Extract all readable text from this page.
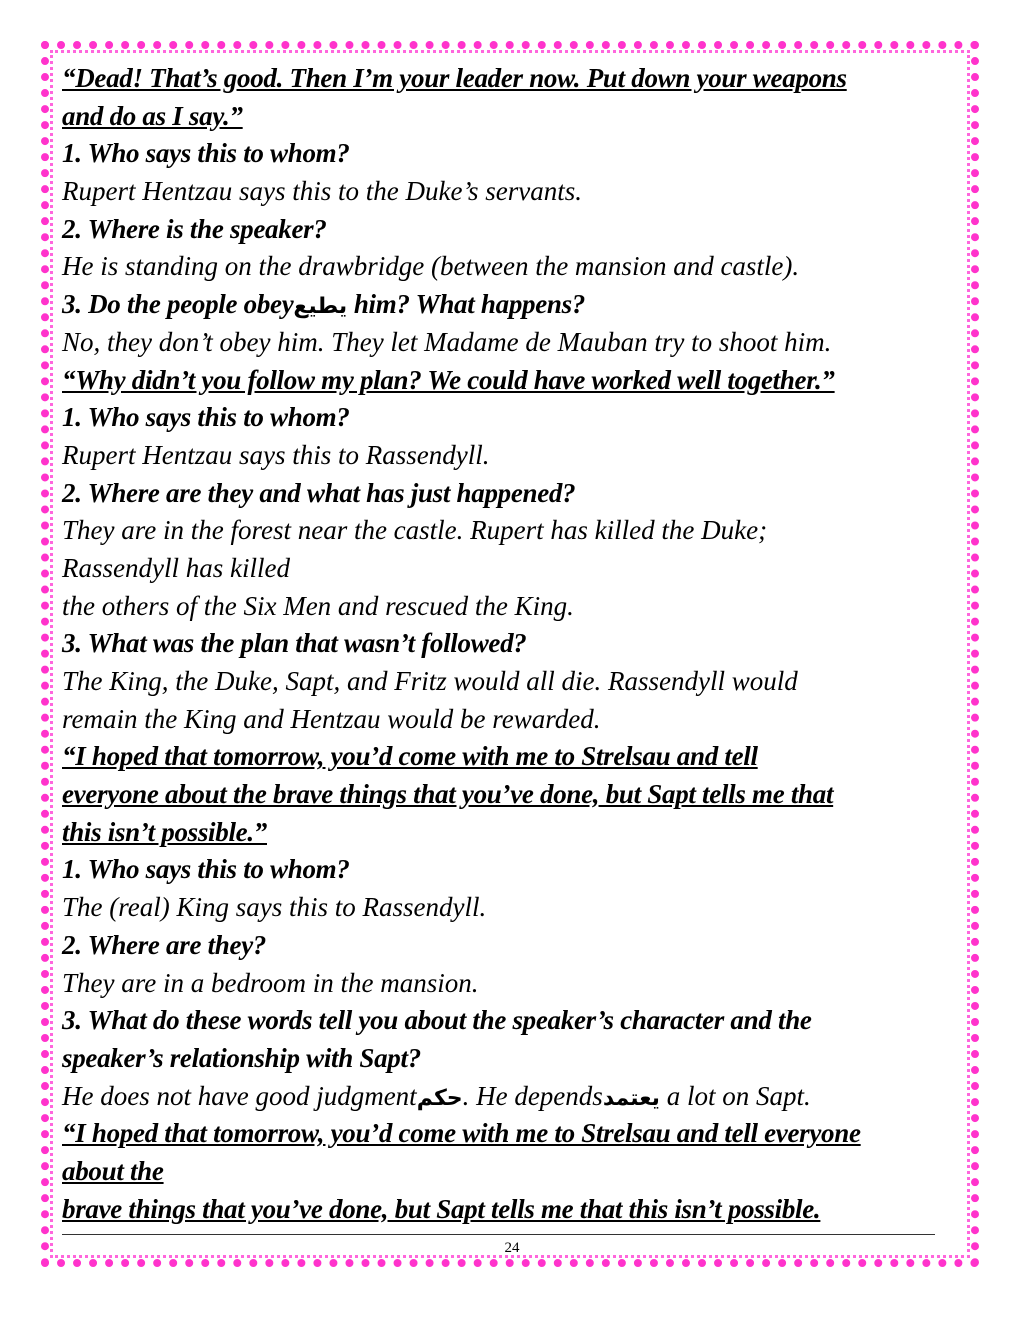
“Dead! That’s good. Then I’m your leader now. Put down your weapons

and do as I say.”

1. Who says this to whom?

Rupert Hentzau says this to the Duke’s servants.

2. Where is the speaker?

He is standing on the drawbridge (between the mansion and castle).

3. Do the people obeyيطيع him? What happens?

No, they don’t obey him. They let Madame de Mauban try to shoot him.

“Why didn’t you follow my plan? We could have worked well together.”

1. Who says this to whom?

Rupert Hentzau says this to Rassendyll.

2. Where are they and what has just happened?

They are in the forest near the castle. Rupert has killed the Duke;

Rassendyll has killed

the others of the Six Men and rescued the King.

3. What was the plan that wasn’t followed?

The King, the Duke, Sapt, and Fritz would all die. Rassendyll would

remain the King and Hentzau would be rewarded.

“I hoped that tomorrow, you’d come with me to Strelsau and tell

everyone about the brave things that you’ve done, but Sapt tells me that

this isn’t possible.”

1. Who says this to whom?

The (real) King says this to Rassendyll.

2. Where are they?

They are in a bedroom in the mansion.

3. What do these words tell you about the speaker’s character and the

speaker’s relationship with Sapt?

He does not have good judgmentحكم. He dependsيعتمد a lot on Sapt.

“I hoped that tomorrow, you’d come with me to Strelsau and tell everyone

about the

brave things that you’ve done, but Sapt tells me that this isn’t possible.

24
